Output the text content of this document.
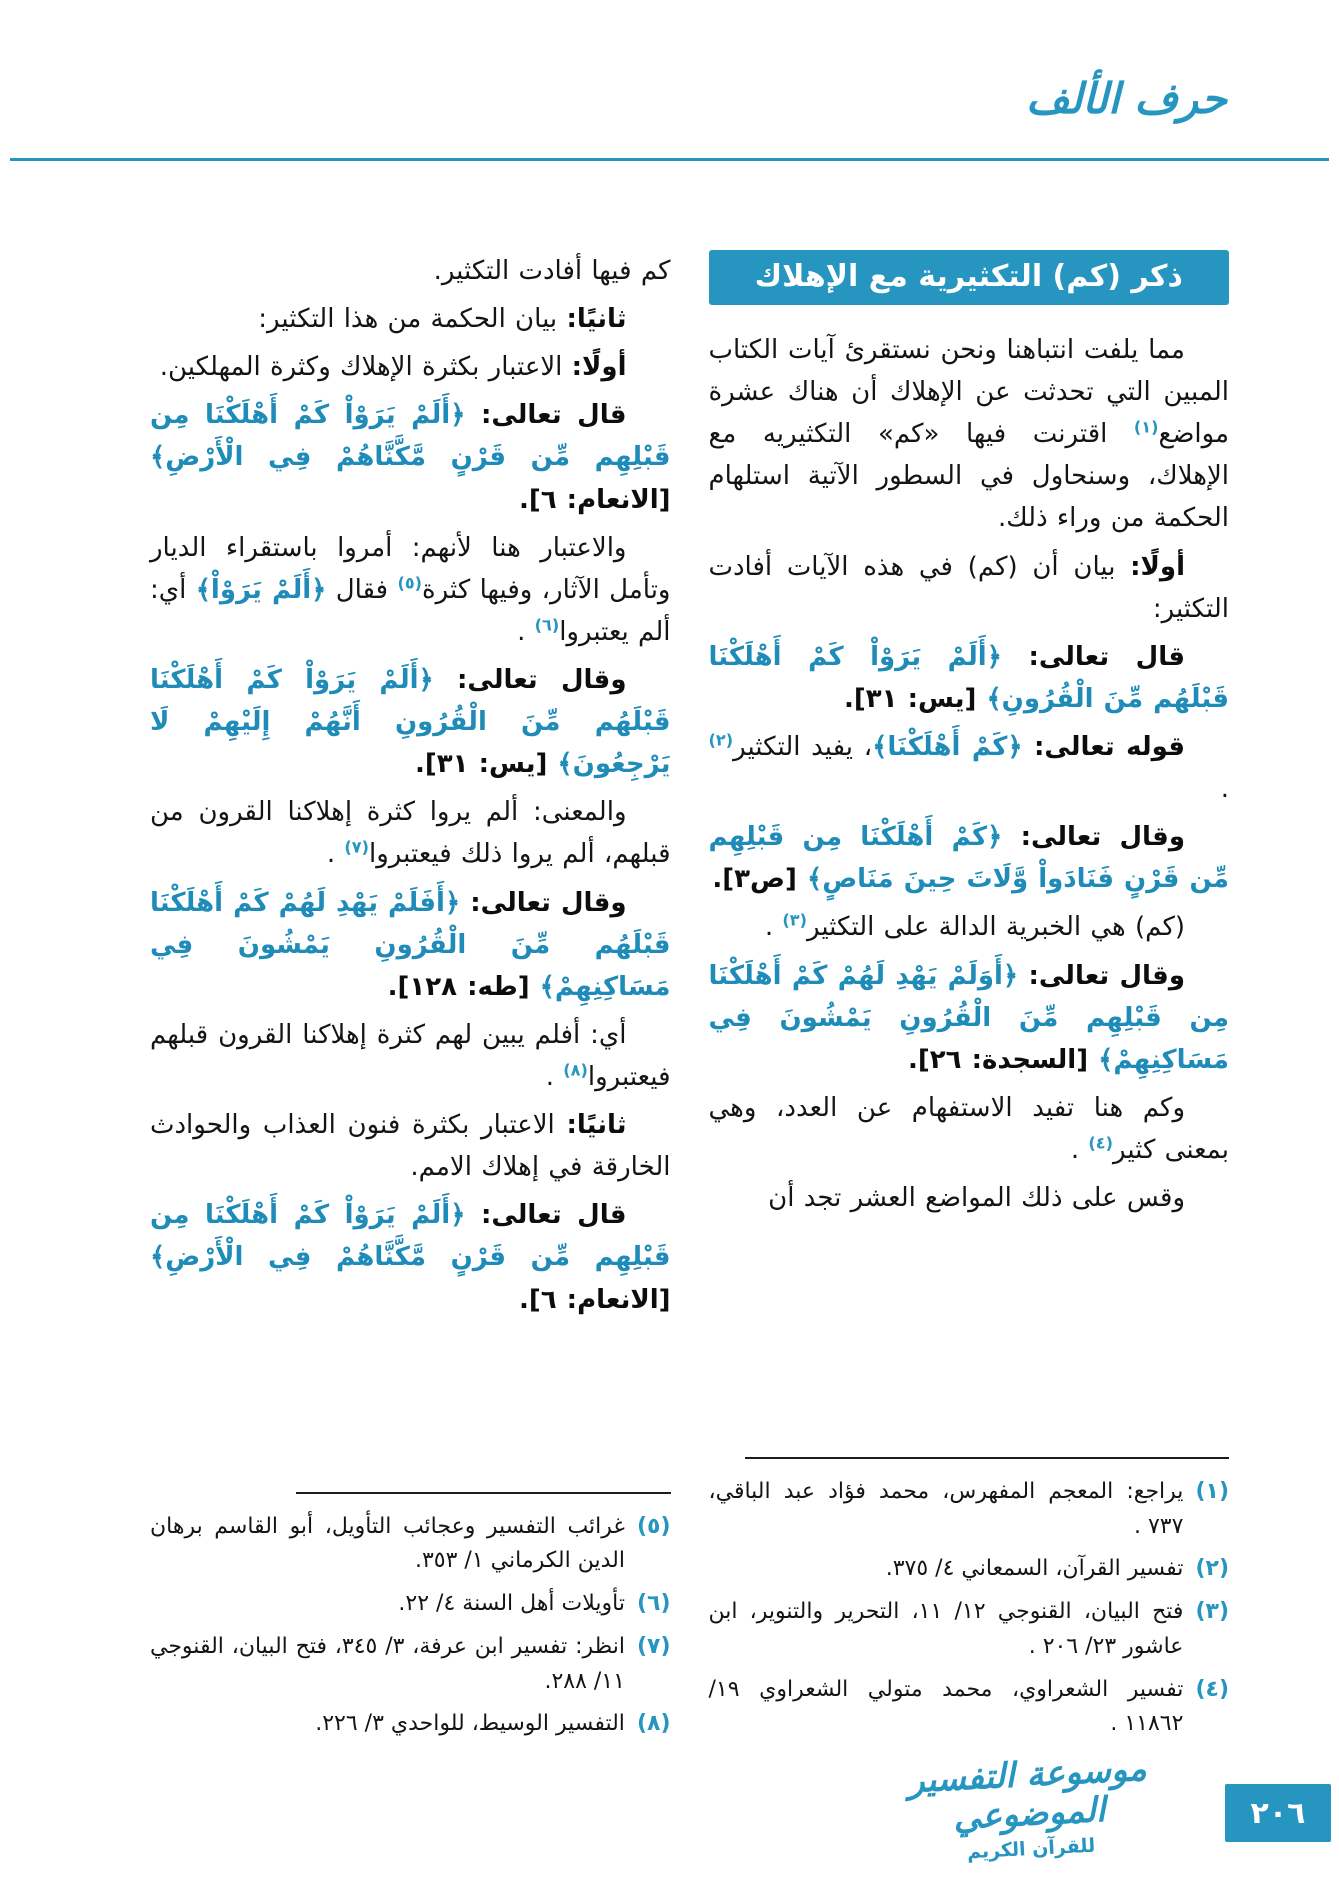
حرف الألف
ذكر (كم) التكثيرية مع الإهلاك

مما يلفت انتباهنا ونحن نستقرئ آيات الكتاب المبين التي تحدثت عن الإهلاك أن هناك عشرة مواضع$^{(١)}$ اقترنت فيها «كم» التكثيريه مع الإهلاك، وسنحاول في السطور الآتية استلهام الحكمة من وراء ذلك.

أولًا: بيان أن (كم) في هذه الآيات أفادت التكثير:

قال تعالى: ﴿أَلَمْ يَرَوْاْ كَمْ أَهْلَكْنَا قَبْلَهُم مِّنَ الْقُرُونِ﴾ [يس: ٣١].

قوله تعالى: ﴿كَمْ أَهْلَكْنَا﴾، يفيد التكثير$^{(٢)}$ .

وقال تعالى: ﴿كَمْ أَهْلَكْنَا مِن قَبْلِهِم مِّن قَرْنٍ فَنَادَواْ وَّلَاتَ حِينَ مَنَاصٍ﴾ [ص٣].

(كم) هي الخبرية الدالة على التكثير$^{(٣)}$ .

وقال تعالى: ﴿أَوَلَمْ يَهْدِ لَهُمْ كَمْ أَهْلَكْنَا مِن قَبْلِهِم مِّنَ الْقُرُونِ يَمْشُونَ فِي مَسَاكِنِهِمْ﴾ [السجدة: ٢٦].

وكم هنا تفيد الاستفهام عن العدد، وهي بمعنى كثير$^{(٤)}$ .

وقس على ذلك المواضع العشر تجد أن

(١)
يراجع: المعجم المفهرس، محمد فؤاد عبد الباقي، ٧٣٧ .
(٢)
تفسير القرآن، السمعاني ٤/ ٣٧٥.
(٣)
فتح البيان، القنوجي ١٢/ ١١، التحرير والتنوير، ابن عاشور ٢٣/ ٢٠٦ .
(٤)
تفسير الشعراوي، محمد متولي الشعراوي ١٩/ ١١٨٦٢ .

كم فيها أفادت التكثير.

ثانيًا: بيان الحكمة من هذا التكثير:

أولًا: الاعتبار بكثرة الإهلاك وكثرة المهلكين.

قال تعالى: ﴿أَلَمْ يَرَوْاْ كَمْ أَهْلَكْنَا مِن قَبْلِهِم مِّن قَرْنٍ مَّكَّنَّاهُمْ فِي الْأَرْضِ﴾ [الانعام: ٦].

والاعتبار هنا لأنهم: أمروا باستقراء الديار وتأمل الآثار، وفيها كثرة$^{(٥)}$ فقال ﴿أَلَمْ يَرَوْاْ﴾ أي: ألم يعتبروا$^{(٦)}$ .

وقال تعالى: ﴿أَلَمْ يَرَوْاْ كَمْ أَهْلَكْنَا قَبْلَهُم مِّنَ الْقُرُونِ أَنَّهُمْ إِلَيْهِمْ لَا يَرْجِعُونَ﴾ [يس: ٣١].

والمعنى: ألم يروا كثرة إهلاكنا القرون من قبلهم، ألم يروا ذلك فيعتبروا$^{(٧)}$ .

وقال تعالى: ﴿أَفَلَمْ يَهْدِ لَهُمْ كَمْ أَهْلَكْنَا قَبْلَهُم مِّنَ الْقُرُونِ يَمْشُونَ فِي مَسَاكِنِهِمْ﴾ [طه: ١٢٨].

أي: أفلم يبين لهم كثرة إهلاكنا القرون قبلهم فيعتبروا$^{(٨)}$ .

ثانيًا: الاعتبار بكثرة فنون العذاب والحوادث الخارقة في إهلاك الامم.

قال تعالى: ﴿أَلَمْ يَرَوْاْ كَمْ أَهْلَكْنَا مِن قَبْلِهِم مِّن قَرْنٍ مَّكَّنَّاهُمْ فِي الْأَرْضِ﴾ [الانعام: ٦].

(٥)
غرائب التفسير وعجائب التأويل، أبو القاسم برهان الدين الكرماني ١/ ٣٥٣.
(٦)
تأويلات أهل السنة ٤/ ٢٢.
(٧)
انظر: تفسير ابن عرفة، ٣/ ٣٤٥، فتح البيان، القنوجي ١١/ ٢٨٨.
(٨)
التفسير الوسيط، للواحدي ٣/ ٢٢٦.
موسوعة التفسير الموضوعي
للقرآن الكريم
٢٠٦
